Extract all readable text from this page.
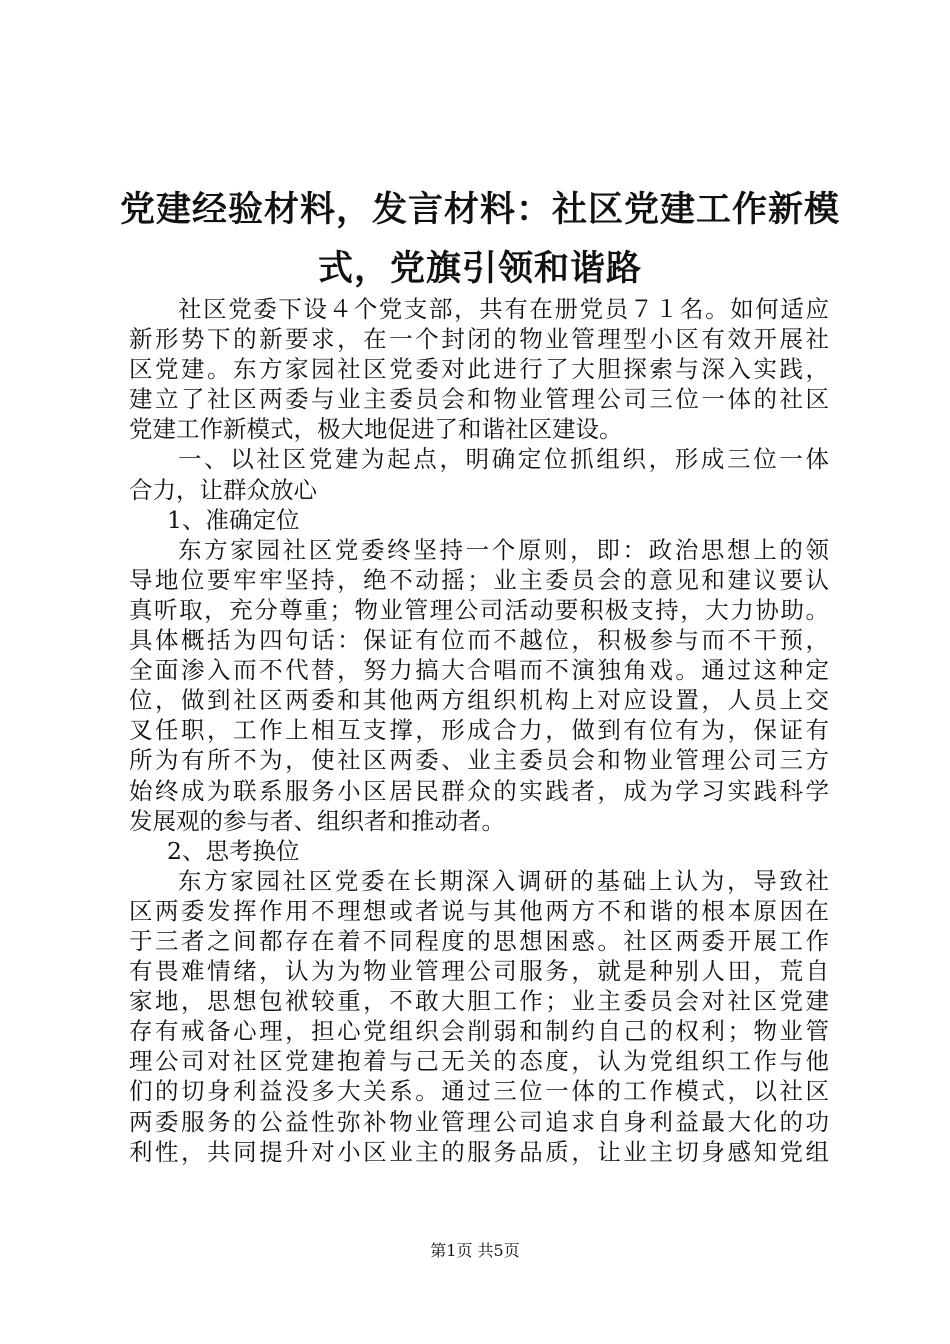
党建经验材料，发言材料：社区党建工作新模
式，党旗引领和谐路
社区党委下设４个党支部，共有在册党员７１名。如何适应
新形势下的新要求，在一个封闭的物业管理型小区有效开展社
区党建。东方家园社区党委对此进行了大胆探索与深入实践，
建立了社区两委与业主委员会和物业管理公司三位一体的社区
党建工作新模式，极大地促进了和谐社区建设。
一、以社区党建为起点，明确定位抓组织，形成三位一体
合力，让群众放心
1、准确定位
东方家园社区党委终坚持一个原则，即：政治思想上的领
导地位要牢牢坚持，绝不动摇；业主委员会的意见和建议要认
真听取，充分尊重；物业管理公司活动要积极支持，大力协助。
具体概括为四句话：保证有位而不越位，积极参与而不干预，
全面渗入而不代替，努力搞大合唱而不演独角戏。通过这种定
位，做到社区两委和其他两方组织机构上对应设置，人员上交
叉任职，工作上相互支撑，形成合力，做到有位有为，保证有
所为有所不为，使社区两委、业主委员会和物业管理公司三方
始终成为联系服务小区居民群众的实践者，成为学习实践科学
发展观的参与者、组织者和推动者。
2、思考换位
东方家园社区党委在长期深入调研的基础上认为，导致社
区两委发挥作用不理想或者说与其他两方不和谐的根本原因在
于三者之间都存在着不同程度的思想困惑。社区两委开展工作
有畏难情绪，认为为物业管理公司服务，就是种别人田，荒自
家地，思想包袱较重，不敢大胆工作；业主委员会对社区党建
存有戒备心理，担心党组织会削弱和制约自己的权利；物业管
理公司对社区党建抱着与己无关的态度，认为党组织工作与他
们的切身利益没多大关系。通过三位一体的工作模式，以社区
两委服务的公益性弥补物业管理公司追求自身利益最大化的功
利性，共同提升对小区业主的服务品质，让业主切身感知党组
第1页 共5页
